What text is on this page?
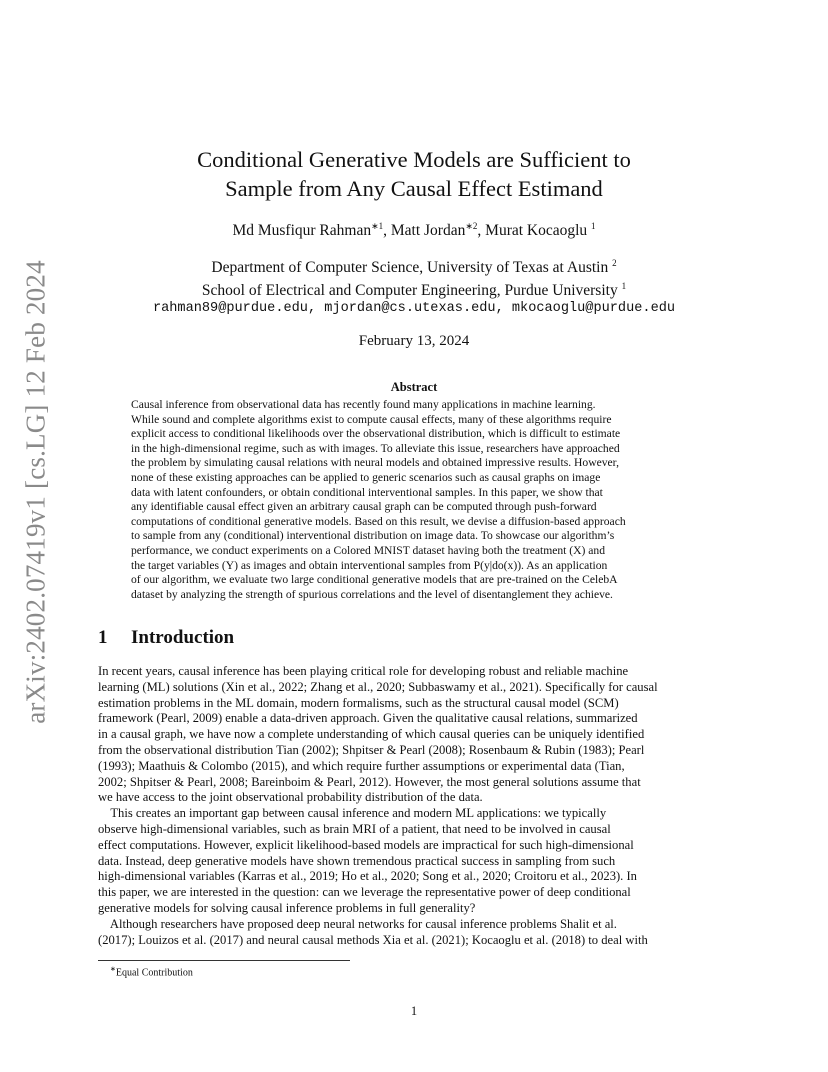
arXiv:2402.07419v1 [cs.LG] 12 Feb 2024
Conditional Generative Models are Sufficient to
Sample from Any Causal Effect Estimand
Md Musfiqur Rahman$^{∗1}$, Matt Jordan$^{∗2}$, Murat Kocaoglu $^1$
Department of Computer Science, University of Texas at Austin $^2$
School of Electrical and Computer Engineering, Purdue University $^1$
rahman89@purdue.edu, mjordan@cs.utexas.edu, mkocaoglu@purdue.edu
February 13, 2024
Abstract
Causal inference from observational data has recently found many applications in machine learning.
While sound and complete algorithms exist to compute causal effects, many of these algorithms require
explicit access to conditional likelihoods over the observational distribution, which is difficult to estimate
in the high-dimensional regime, such as with images. To alleviate this issue, researchers have approached
the problem by simulating causal relations with neural models and obtained impressive results. However,
none of these existing approaches can be applied to generic scenarios such as causal graphs on image
data with latent confounders, or obtain conditional interventional samples. In this paper, we show that
any identifiable causal effect given an arbitrary causal graph can be computed through push-forward
computations of conditional generative models. Based on this result, we devise a diffusion-based approach
to sample from any (conditional) interventional distribution on image data. To showcase our algorithm’s
performance, we conduct experiments on a Colored MNIST dataset having both the treatment (X) and
the target variables (Y) as images and obtain interventional samples from P(y|do(x)). As an application
of our algorithm, we evaluate two large conditional generative models that are pre-trained on the CelebA
dataset by analyzing the strength of spurious correlations and the level of disentanglement they achieve.
1 Introduction
In recent years, causal inference has been playing critical role for developing robust and reliable machine
learning (ML) solutions (Xin et al., 2022; Zhang et al., 2020; Subbaswamy et al., 2021). Specifically for causal
estimation problems in the ML domain, modern formalisms, such as the structural causal model (SCM)
framework (Pearl, 2009) enable a data-driven approach. Given the qualitative causal relations, summarized
in a causal graph, we have now a complete understanding of which causal queries can be uniquely identified
from the observational distribution Tian (2002); Shpitser & Pearl (2008); Rosenbaum & Rubin (1983); Pearl
(1993); Maathuis & Colombo (2015), and which require further assumptions or experimental data (Tian,
2002; Shpitser & Pearl, 2008; Bareinboim & Pearl, 2012). However, the most general solutions assume that
we have access to the joint observational probability distribution of the data.
This creates an important gap between causal inference and modern ML applications: we typically
observe high-dimensional variables, such as brain MRI of a patient, that need to be involved in causal
effect computations. However, explicit likelihood-based models are impractical for such high-dimensional
data. Instead, deep generative models have shown tremendous practical success in sampling from such
high-dimensional variables (Karras et al., 2019; Ho et al., 2020; Song et al., 2020; Croitoru et al., 2023). In
this paper, we are interested in the question: can we leverage the representative power of deep conditional
generative models for solving causal inference problems in full generality?
Although researchers have proposed deep neural networks for causal inference problems Shalit et al.
(2017); Louizos et al. (2017) and neural causal methods Xia et al. (2021); Kocaoglu et al. (2018) to deal with
∗Equal Contribution
1
